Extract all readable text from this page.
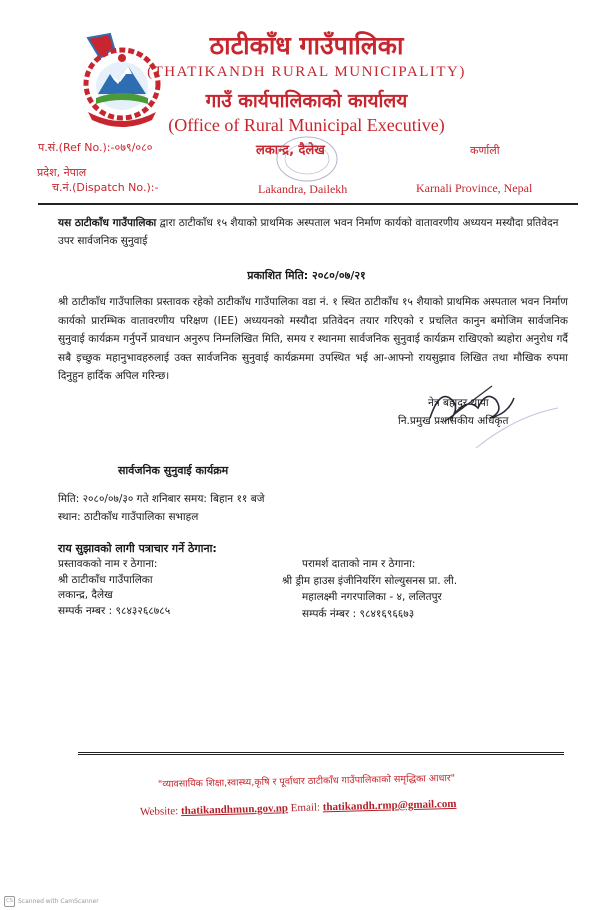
ठाटीकाँध गाउँपालिका
(THATIKANDH RURAL MUNICIPALITY)
गाउँ कार्यपालिकाको कार्यालय
(Office of Rural Municipal Executive)
प.सं.(Ref No.):-०७९/०८०	लकान्द्र, दैलेख	कर्णाली प्रदेश, नेपाल
च.नं.(Dispatch No.):-	Lakandra, Dailekh	Karnali Province, Nepal
यस ठाटीकाँध गाउँपालिका द्वारा ठाटीकाँध १५ शैयाको प्राथमिक अस्पताल भवन निर्माण कार्यको वातावरणीय अध्ययन मस्यौदा प्रतिवेदन उपर सार्वजनिक सुनुवाई
प्रकाशित मिति: २०८०/०७/२१
श्री ठाटीकाँध गाउँपालिका प्रस्तावक रहेको ठाटीकाँध गाउँपालिका वडा नं. १ स्थित ठाटीकाँध १५ शैयाको प्राथमिक अस्पताल भवन निर्माण कार्यको प्रारम्भिक वातावरणीय परिक्षण (IEE) अध्ययनको मस्यौदा प्रतिवेदन तयार गरिएको र प्रचलित कानुन बमोजिम सार्वजनिक सुनुवाई कार्यक्रम गर्नुपर्ने प्रावधान अनुरुप निम्नलिखित मिति, समय र स्थानमा सार्वजनिक सुनुवाई कार्यक्रम राखिएको ब्यहोरा अनुरोध गर्दै सबै इच्छुक महानुभावहरुलाई उक्त सार्वजनिक सुनुवाई कार्यक्रममा उपस्थित भई आ-आफ्नो रायसुझाव लिखित तथा मौखिक रुपमा दिनुहुन हार्दिक अपिल गरिन्छ।
नेत्र बहादुर थापा
नि.प्रमुख प्रशासकीय अधिकृत
सार्वजनिक सुनुवाई कार्यक्रम
मिति: २०८०/०७/३० गते शनिबार समय: बिहान ११ बजे
स्थान: ठाटीकाँध गाउँपालिका सभाहल
राय सुझावको लागी पत्राचार गर्ने ठेगाना:
प्रस्तावकको नाम र ठेगाना:
श्री ठाटीकाँध गाउँपालिका
लकान्द्र, दैलेख
सम्पर्क नम्बर : ९८४३२६८७८५
परामर्श दाताको नाम र ठेगाना:
श्री ड्रीम हाउस इंजीनियरिंग सोल्युसनस प्रा. ली.
महालक्ष्मी नगरपालिका - ४, ललितपुर
सम्पर्क नंम्बर : ९८४१६९६६७३
"व्यावसायिक शिक्षा,स्वास्थ्य,कृषि र पूर्वाधार ठाटीकाँध गाउँपालिकाको समृद्धिका आधार"
Website: thatikandhmun.gov.np Email: thatikandh.rmp@gmail.com
CS Scanned with CamScanner
